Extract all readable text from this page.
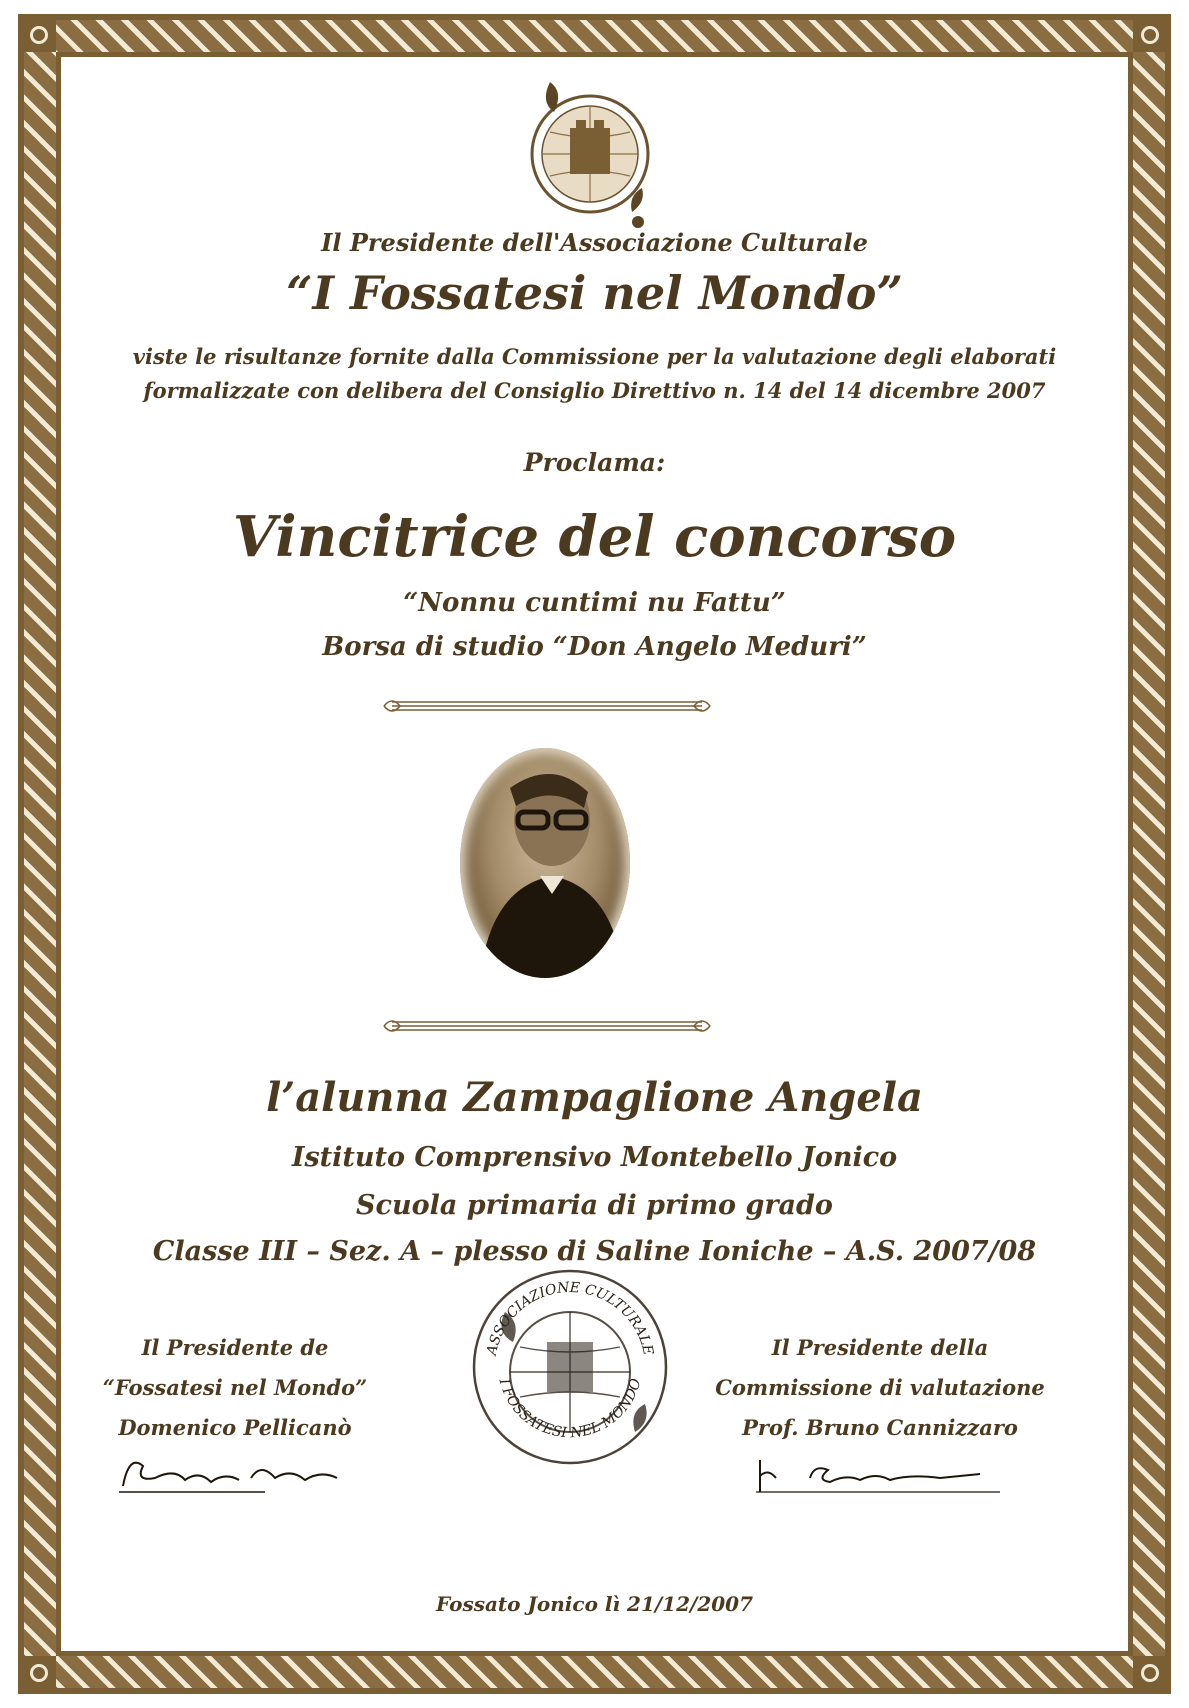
Il Presidente dell'Associazione Culturale
“I Fossatesi nel Mondo”
viste le risultanze fornite dalla Commissione per la valutazione degli elaborati
formalizzate con delibera del Consiglio Direttivo n. 14 del 14 dicembre 2007
Proclama:
Vincitrice del concorso
“Nonnu cuntimi nu Fattu”
Borsa di studio “Don Angelo Meduri”
l’alunna Zampaglione Angela
Istituto Comprensivo Montebello Jonico
Scuola primaria di primo grado
Classe III – Sez. A – plesso di Saline Ioniche – A.S. 2007/08
ASSOCIAZIONE CULTURALE
I FOSSATESI NEL MONDO
Il Presidente de
“Fossatesi nel Mondo”
Domenico Pellicanò
Il Presidente della
Commissione di valutazione
Prof. Bruno Cannizzaro
Fossato Jonico lì 21/12/2007
